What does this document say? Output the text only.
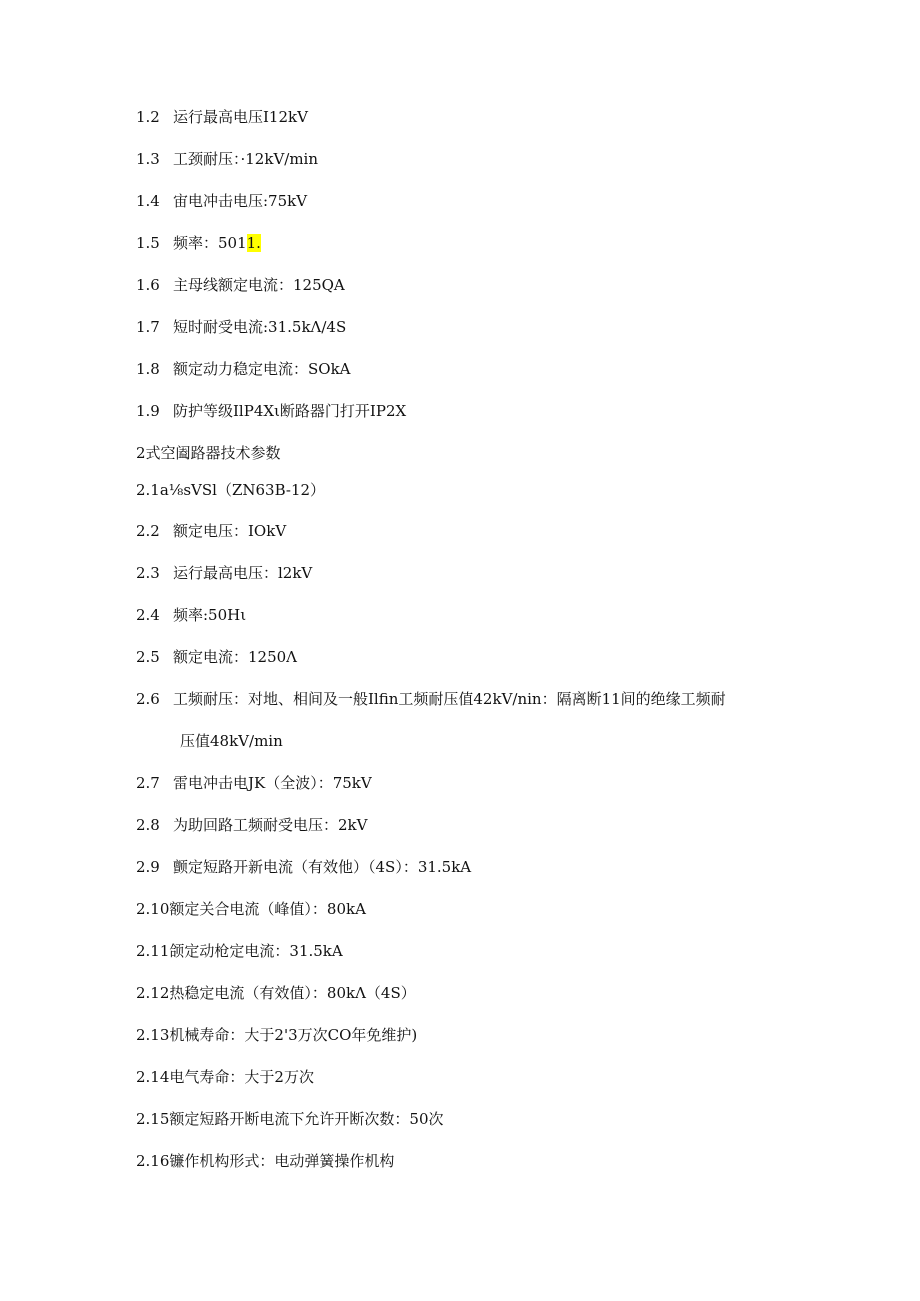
1.2 运行最高电压I12kV
1.3 工颈耐压：·12kV∕min
1.4 宙电冲击电压:75kV
1.5 频率：5011.
1.6 主母线额定电流：125QA
1.7 短时耐受电流:31.5kΛ∕4S
1.8 额定动力稳定电流：SOkA
1.9 防护等级IlP4Xι断路器门打开IP2X
2式空阖路器技术参数
2.1a⅛sVSl（ZN63B-12）
2.2 额定电压：IOkV
2.3 运行最高电压：l2kV
2.4 频率:50Hι
2.5 额定电流：1250Λ
2.6 工频耐压：对地、相间及一般Ilfin工频耐压值42kV∕nin：隔离断11间的绝缘工频耐
压值48kV∕min
2.7 雷电冲击电JK（全波）：75kV
2.8 为助回路工频耐受电压：2kV
2.9 颤定短路开新电流（有效他）（4S）：31.5kA
2.10额定关合电流（峰值）：80kA
2.11颌定动枪定电流：31.5kA
2.12热稳定电流（有效值）：80kΛ（4S）
2.13机械寿命：大于2'3万次CO年免维护)
2.14电气寿命：大于2万次
2.15额定短路开断电流下允许开断次数：50次
2.16镰作机构形式：电动弹簧操作机构
